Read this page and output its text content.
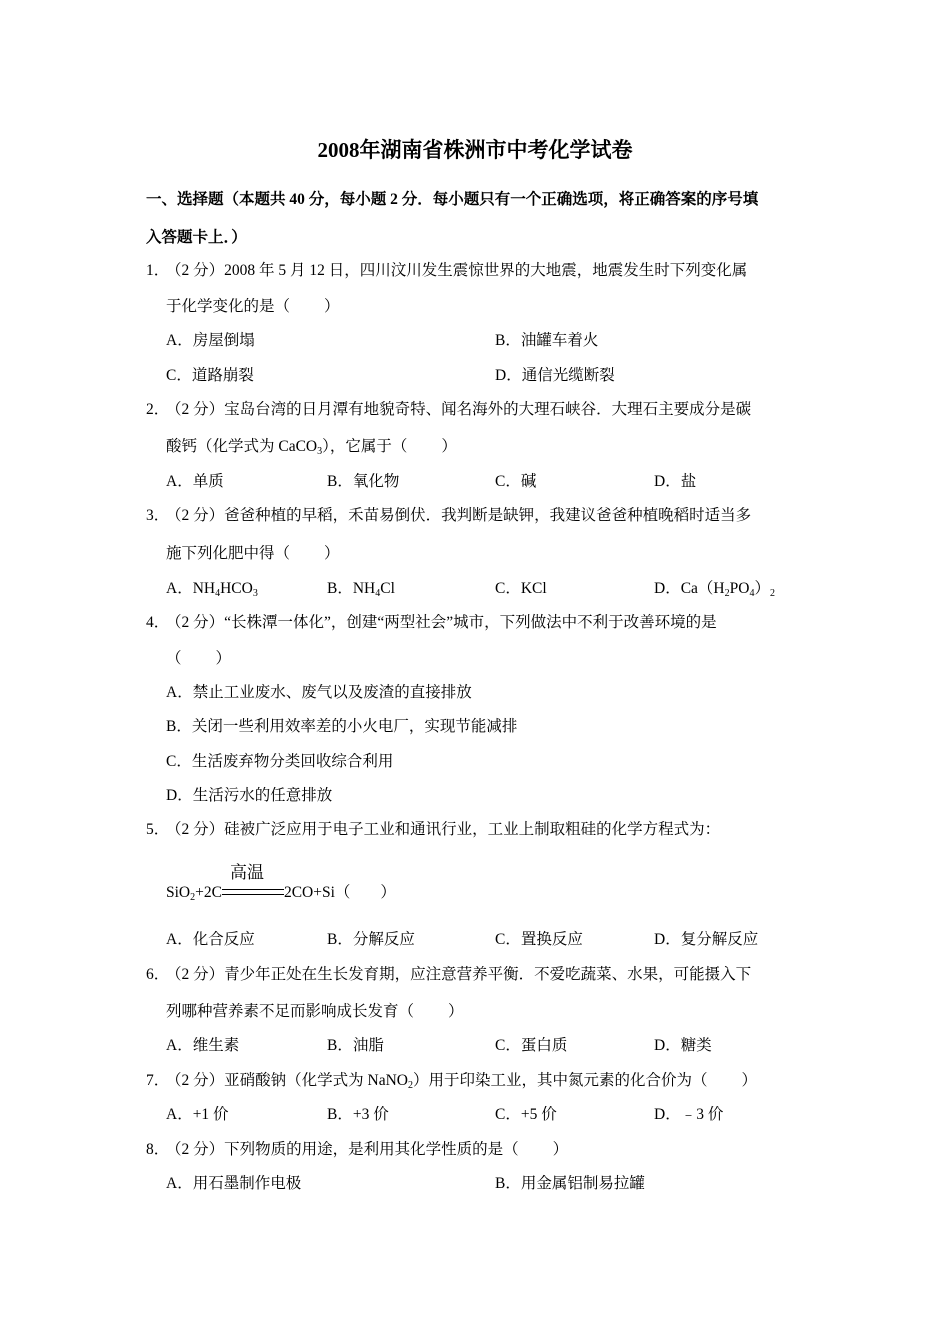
2008年湖南省株洲市中考化学试卷
一、选择题（本题共 40 分，每小题 2 分．每小题只有一个正确选项，将正确答案的序号填
入答题卡上．）
1．
（2 分）2008 年 5 月 12 日，四川汶川发生震惊世界的大地震，地震发生时下列变化属
于化学变化的是（ ）
A．房屋倒塌	B．油罐车着火
C．道路崩裂	D．通信光缆断裂
2．
（2 分）宝岛台湾的日月潭有地貌奇特、闻名海外的大理石峡谷．大理石主要成分是碳
酸钙（化学式为 CaCO$_3$），它属于（ ）
A．单质	B．氧化物	C．碱	D．盐
3．
（2 分）爸爸种植的早稻，禾苗易倒伏．我判断是缺钾，我建议爸爸种植晚稻时适当多
施下列化肥中得（ ）
A．$NH_4HCO_3$	B．$NH_4Cl$	C．KCl	D．$Ca(H_2PO_4)_2$
4．
（2 分）“长株潭一体化”，创建“两型社会”城市，下列做法中不利于改善环境的是
（ ）
A．禁止工业废水、废气以及废渣的直接排放
B．关闭一些利用效率差的小火电厂，实现节能减排
C．生活废弃物分类回收综合利用
D．生活污水的任意排放
5．
（2 分）硅被广泛应用于电子工业和通讯行业，工业上制取粗硅的化学方程式为：
SiO$_2$+2C
高温
2CO+Si（ ）
A．化合反应	B．分解反应	C．置换反应	D．复分解反应
6．
（2 分）青少年正处在生长发育期，应注意营养平衡．不爱吃蔬菜、水果，可能摄入下
列哪种营养素不足而影响成长发育（ ）
A．维生素	B．油脂	C．蛋白质	D．糖类
7．
（2 分）亚硝酸钠（化学式为 NaNO$_2$）用于印染工业，其中氮元素的化合价为（ ）
A．+1 价	B．+3 价	C．+5 价	D．﹣3 价
8．
（2 分）下列物质的用途，是利用其化学性质的是（ ）
A．用石墨制作电极	B．用金属铝制易拉罐
